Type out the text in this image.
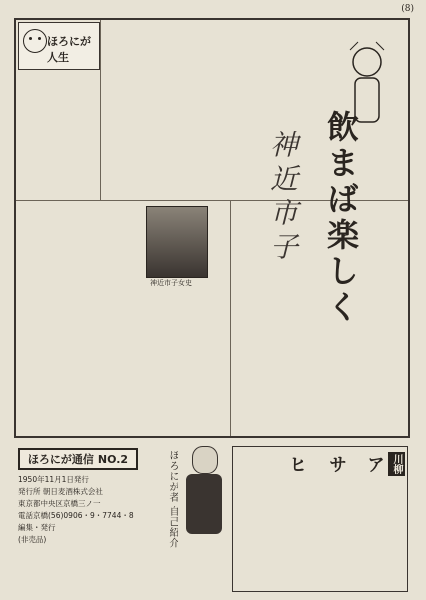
(8)
ほろにが人生
飲まば楽しく
神近市子
神近市子女史
ほろにが通信 NO.2
1950年11月1日発行
発行所 朝日麦酒株式会社
東京都中央区京橋三ノ一
電話京橋(56)0906・9・7744・8
編集・発行
(非売品)	ほろにが者 自己紹介	ア
サ
ヒ	川柳
